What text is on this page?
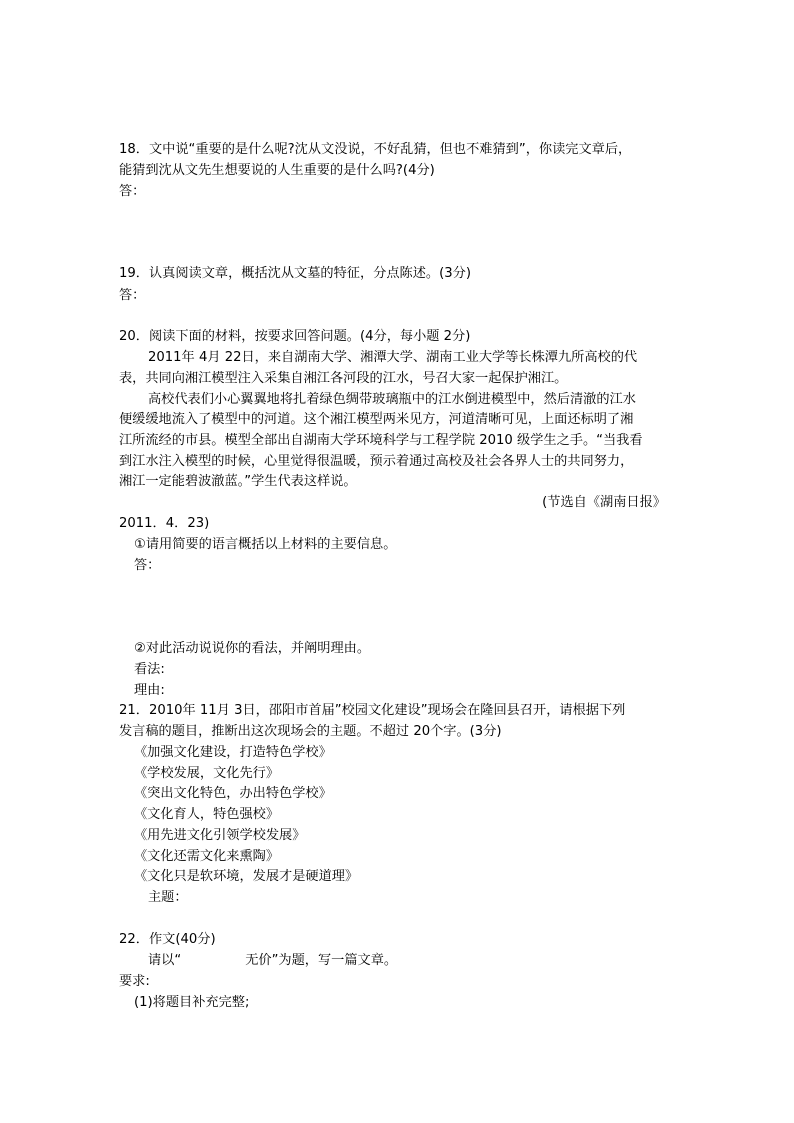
18．文中说“重要的是什么呢?沈从文没说，不好乱猜，但也不难猜到”，你读完文章后，
能猜到沈从文先生想要说的人生重要的是什么吗?(4分)
答：
19．认真阅读文章，概括沈从文墓的特征，分点陈述。(3分)
答：
20．阅读下面的材料，按要求回答问题。(4分，每小题 2分)
2011年 4月 22日，来自湖南大学、湘潭大学、湖南工业大学等长株潭九所高校的代
表，共同向湘江模型注入采集自湘江各河段的江水，号召大家一起保护湘江。
高校代表们小心翼翼地将扎着绿色绸带玻璃瓶中的江水倒进模型中，然后清澈的江水
便缓缓地流入了模型中的河道。这个湘江模型两米见方，河道清晰可见，上面还标明了湘
江所流经的市县。模型全部出自湖南大学环境科学与工程学院 2010 级学生之手。“当我看
到江水注入模型的时候，心里觉得很温暖，预示着通过高校及社会各界人士的共同努力，
湘江一定能碧波澈蓝。”学生代表这样说。
(节选自《湖南日报》
2011．4．23)
①请用简要的语言概括以上材料的主要信息。
答：
②对此活动说说你的看法，并阐明理由。
看法:
理由:
21．2010年 11月 3日，邵阳市首届”校园文化建设”现场会在隆回县召开，请根据下列
发言稿的题目，推断出这次现场会的主题。不超过 20个字。(3分)
《加强文化建设，打造特色学校》
《学校发展，文化先行》
《突出文化特色，办出特色学校》
《文化育人，特色强校》
《用先进文化引领学校发展》
《文化还需文化来熏陶》
《文化只是软环境，发展才是硬道理》
主题：
22．作文(40分)
请以“	无价”为题，写一篇文章。
要求:
(1)将题目补充完整;
